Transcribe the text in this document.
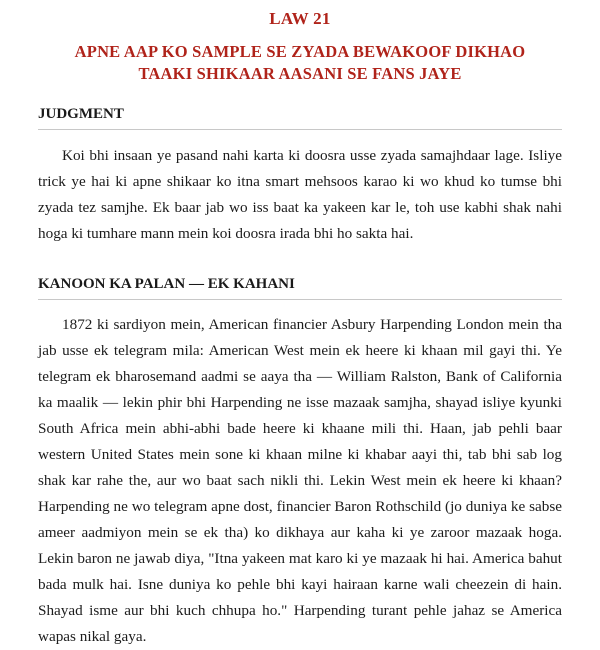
LAW 21
APNE AAP KO SAMPLE SE ZYADA BEWAKOOF DIKHAO
TAAKI SHIKAAR AASANI SE FANS JAYE
JUDGMENT

Koi bhi insaan ye pasand nahi karta ki doosra usse zyada samajhdaar lage. Isliye trick ye hai ki apne shikaar ko itna smart mehsoos karao ki wo khud ko tumse bhi zyada tez samjhe. Ek baar jab wo iss baat ka yakeen kar le, toh use kabhi shak nahi hoga ki tumhare mann mein koi doosra irada bhi ho sakta hai.

KANOON KA PALAN — EK KAHANI

1872 ki sardiyon mein, American financier Asbury Harpending London mein tha jab usse ek telegram mila: American West mein ek heere ki khaan mil gayi thi. Ye telegram ek bharosemand aadmi se aaya tha — William Ralston, Bank of California ka maalik — lekin phir bhi Harpending ne isse mazaak samjha, shayad isliye kyunki South Africa mein abhi-abhi bade heere ki khaane mili thi. Haan, jab pehli baar western United States mein sone ki khaan milne ki khabar aayi thi, tab bhi sab log shak kar rahe the, aur wo baat sach nikli thi. Lekin West mein ek heere ki khaan? Harpending ne wo telegram apne dost, financier Baron Rothschild (jo duniya ke sabse ameer aadmiyon mein se ek tha) ko dikhaya aur kaha ki ye zaroor mazaak hoga. Lekin baron ne jawab diya, "Itna yakeen mat karo ki ye mazaak hi hai. America bahut bada mulk hai. Isne duniya ko pehle bhi kayi hairaan karne wali cheezein di hain. Shayad isme aur bhi kuch chhupa ho." Harpending turant pehle jahaz se America wapas nikal gaya.
